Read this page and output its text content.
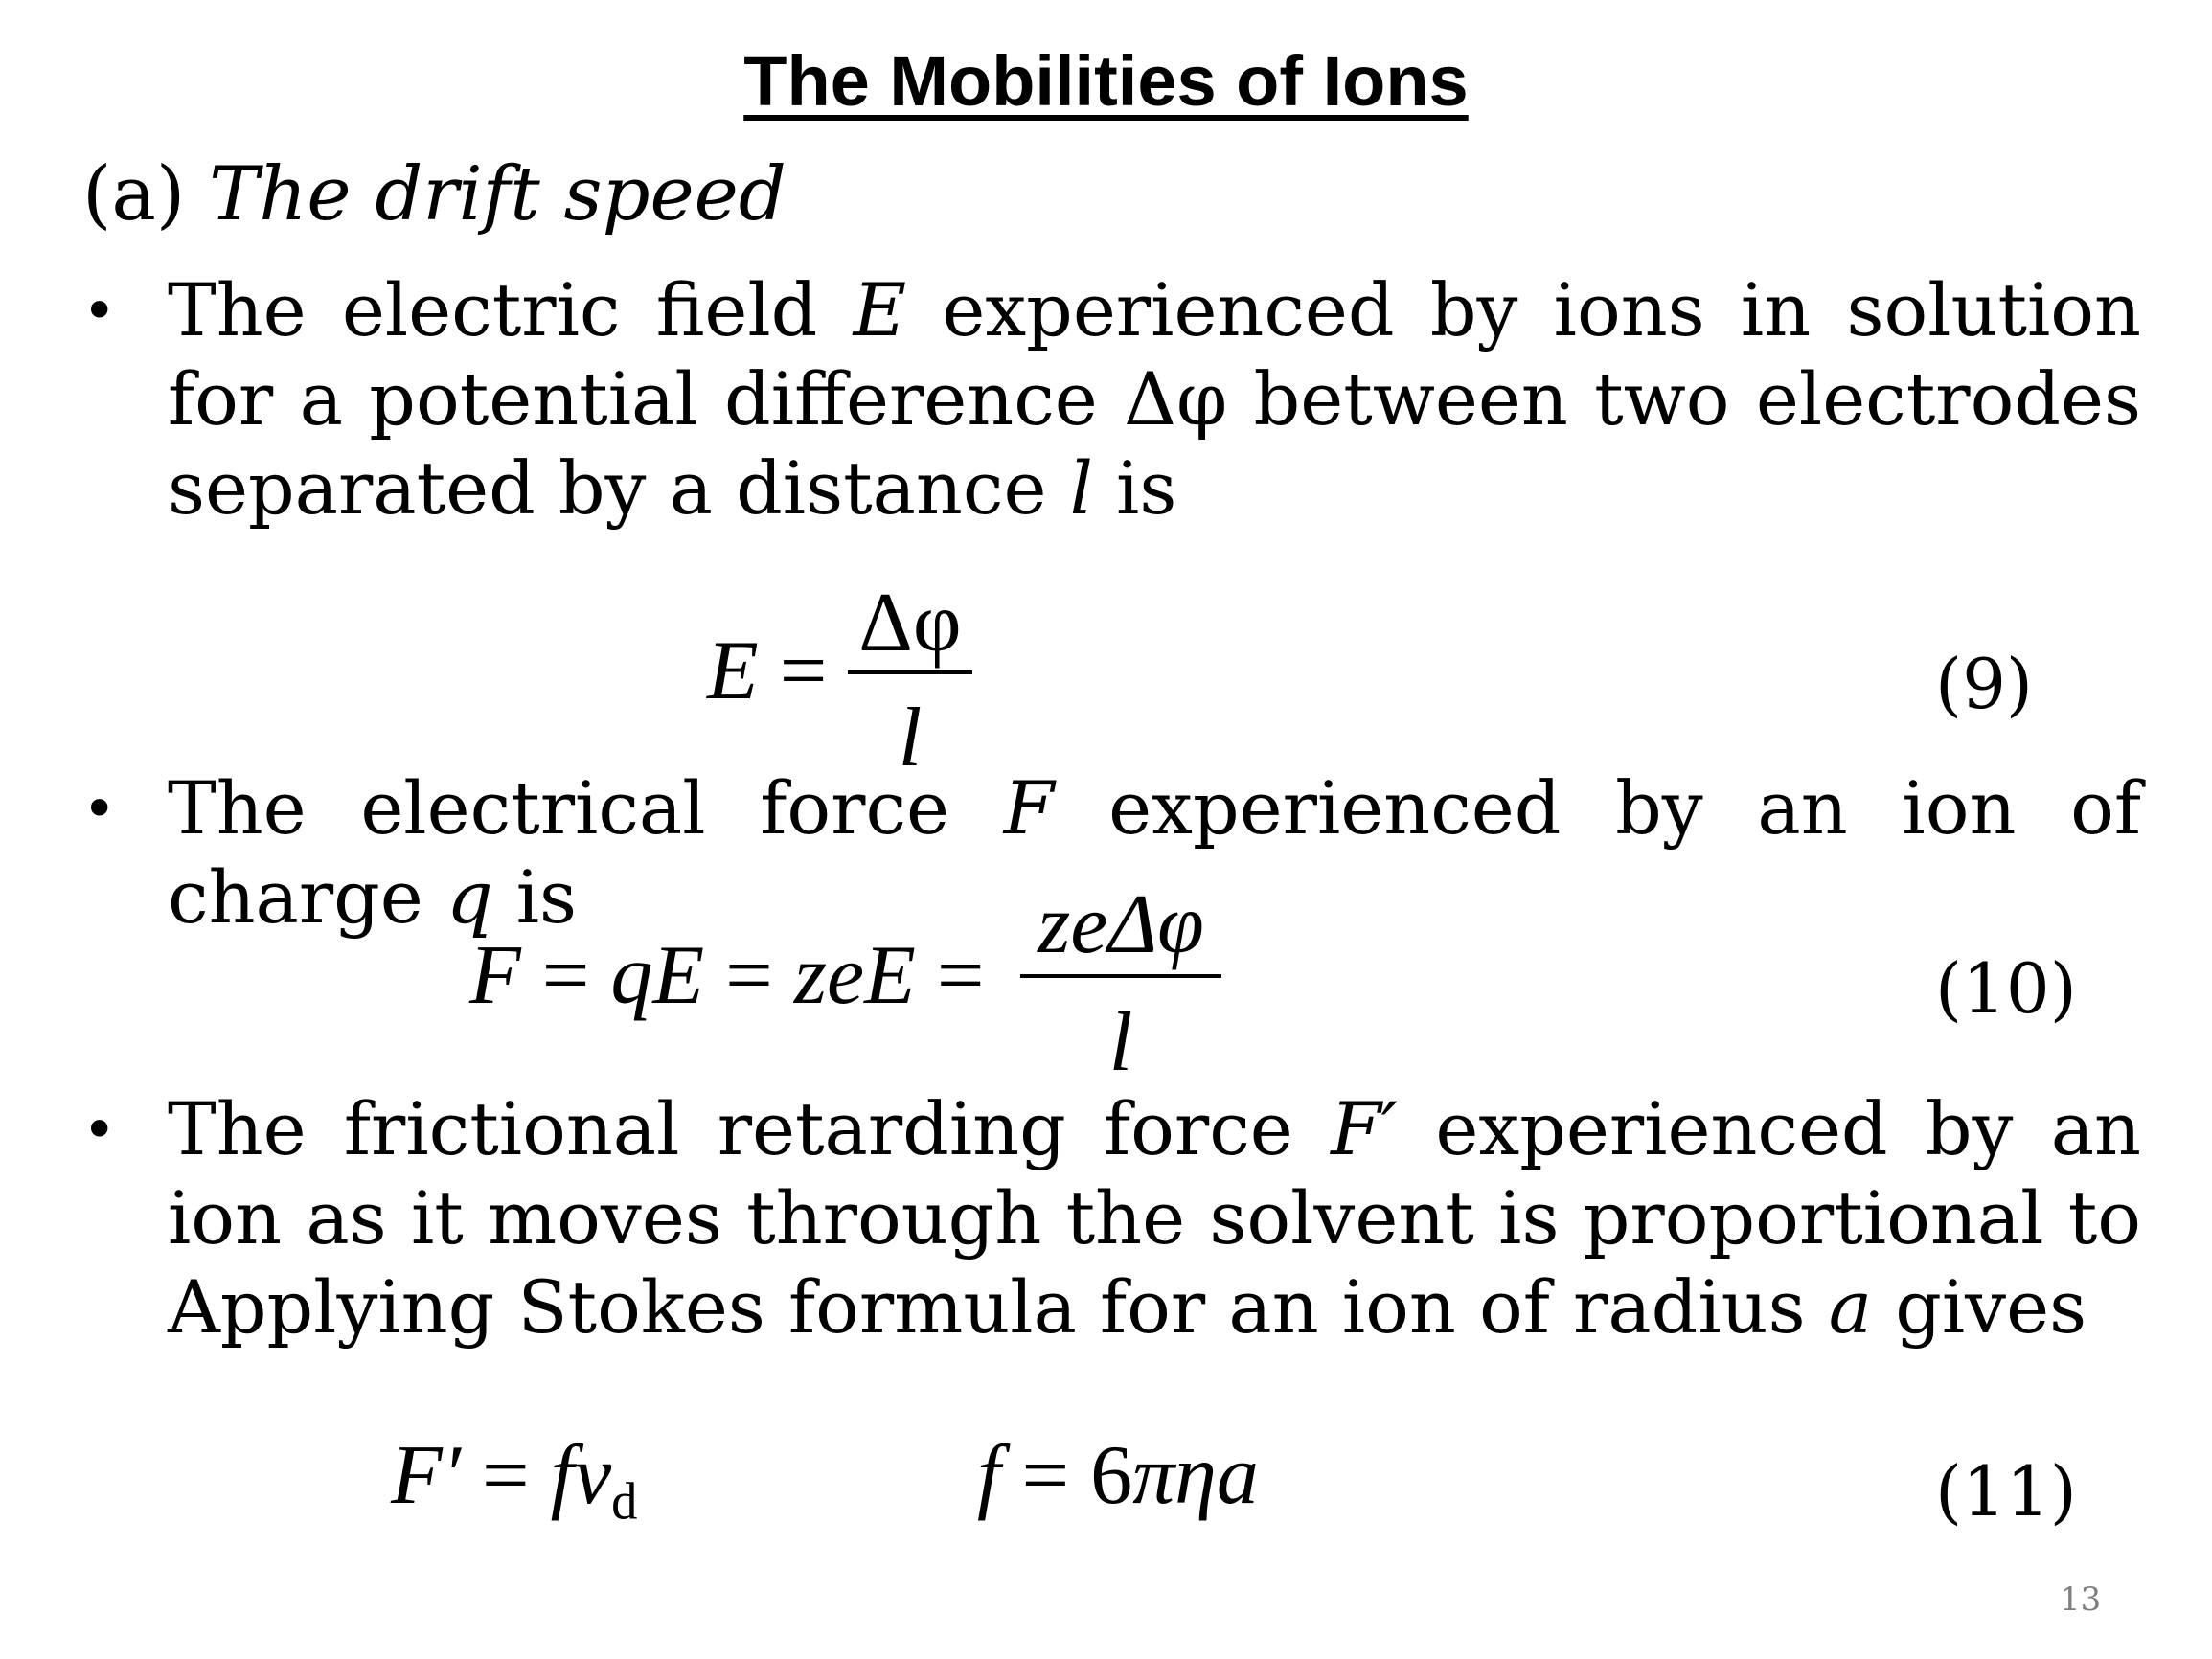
The Mobilities of Ions
(a) The drift speed
• The electric field E experienced by ions in solution for a potential difference Δφ between two electrodes separated by a distance l is
E =
Δφ
l
(9)
• The electrical force F experienced by an ion of charge q is
F = qE = zeE =
zeΔφ
l
(10)
• The frictional retarding force F′ experienced by an ion as it moves through the solvent is proportional to
Applying Stokes formula for an ion of radius a gives
$F' = fv_d$	f = 6πηa	(11)
13
